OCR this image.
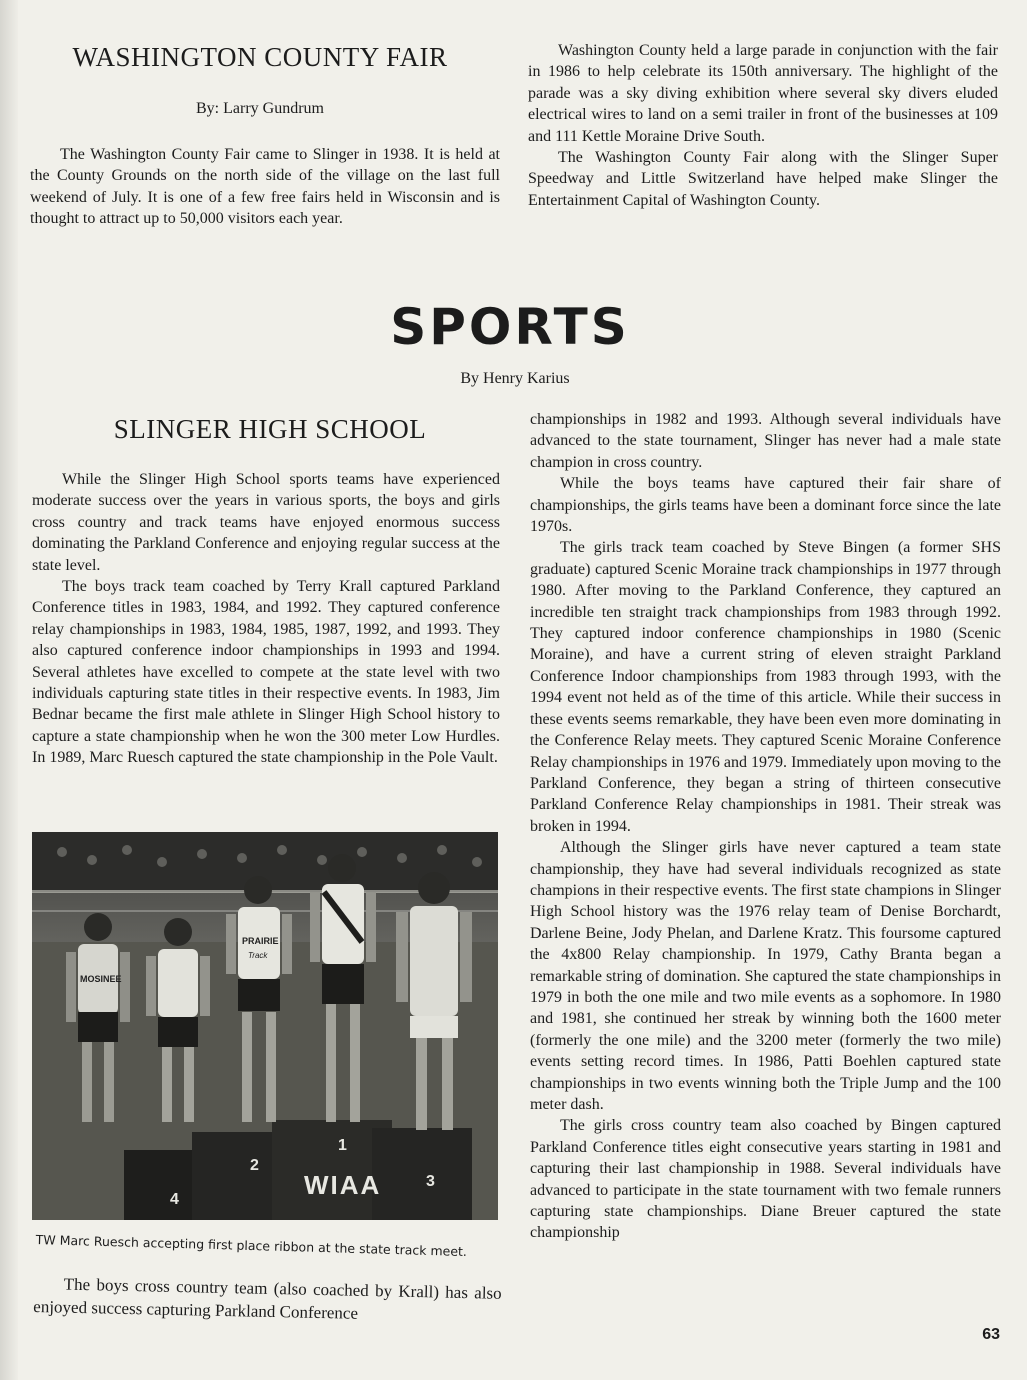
WASHINGTON COUNTY FAIR

By: Larry Gundrum

The Washington County Fair came to Slinger in 1938. It is held at the County Grounds on the north side of the village on the last full weekend of July. It is one of a few free fairs held in Wisconsin and is thought to attract up to 50,000 visitors each year.

Washington County held a large parade in conjunction with the fair in 1986 to help celebrate its 150th anniversary. The highlight of the parade was a sky diving exhibition where several sky divers eluded electrical wires to land on a semi trailer in front of the businesses at 109 and 111 Kettle Moraine Drive South.

The Washington County Fair along with the Slinger Super Speedway and Little Switzerland have helped make Slinger the Entertainment Capital of Washington County.

SPORTS

By Henry Karius

SLINGER HIGH SCHOOL

While the Slinger High School sports teams have experienced moderate success over the years in various sports, the boys and girls cross country and track teams have enjoyed enormous success dominating the Parkland Conference and enjoying regular success at the state level.

The boys track team coached by Terry Krall captured Parkland Conference titles in 1983, 1984, and 1992. They captured conference relay championships in 1983, 1984, 1985, 1987, 1992, and 1993. They also captured conference indoor championships in 1993 and 1994. Several athletes have excelled to compete at the state level with two individuals capturing state titles in their respective events. In 1983, Jim Bednar became the first male athlete in Slinger High School history to capture a state championship when he won the 300 meter Low Hurdles. In 1989, Marc Ruesch captured the state championship in the Pole Vault.

4
2
1
3
WIAA
MOSINEE
PRAIRIE
Track

TW Marc Ruesch accepting first place ribbon at the state track meet.

The boys cross country team (also coached by Krall) has also enjoyed success capturing Parkland Conference

championships in 1982 and 1993. Although several individuals have advanced to the state tournament, Slinger has never had a male state champion in cross country.

While the boys teams have captured their fair share of championships, the girls teams have been a dominant force since the late 1970s.

The girls track team coached by Steve Bingen (a former SHS graduate) captured Scenic Moraine track championships in 1977 through 1980. After moving to the Parkland Conference, they captured an incredible ten straight track championships from 1983 through 1992. They captured indoor conference championships in 1980 (Scenic Moraine), and have a current string of eleven straight Parkland Conference Indoor championships from 1983 through 1993, with the 1994 event not held as of the time of this article. While their success in these events seems remarkable, they have been even more dominating in the Conference Relay meets. They captured Scenic Moraine Conference Relay championships in 1976 and 1979. Immediately upon moving to the Parkland Conference, they began a string of thirteen consecutive Parkland Conference Relay championships in 1981. Their streak was broken in 1994.

Although the Slinger girls have never captured a team state championship, they have had several individuals recognized as state champions in their respective events. The first state champions in Slinger High School history was the 1976 relay team of Denise Borchardt, Darlene Beine, Jody Phelan, and Darlene Kratz. This foursome captured the 4x800 Relay championship. In 1979, Cathy Branta began a remarkable string of domination. She captured the state championships in 1979 in both the one mile and two mile events as a sophomore. In 1980 and 1981, she continued her streak by winning both the 1600 meter (formerly the one mile) and the 3200 meter (formerly the two mile) events setting record times. In 1986, Patti Boehlen captured state championships in two events winning both the Triple Jump and the 100 meter dash.

The girls cross country team also coached by Bingen captured Parkland Conference titles eight consecutive years starting in 1981 and capturing their last championship in 1988. Several individuals have advanced to participate in the state tournament with two female runners capturing state championships. Diane Breuer captured the state championship

63
